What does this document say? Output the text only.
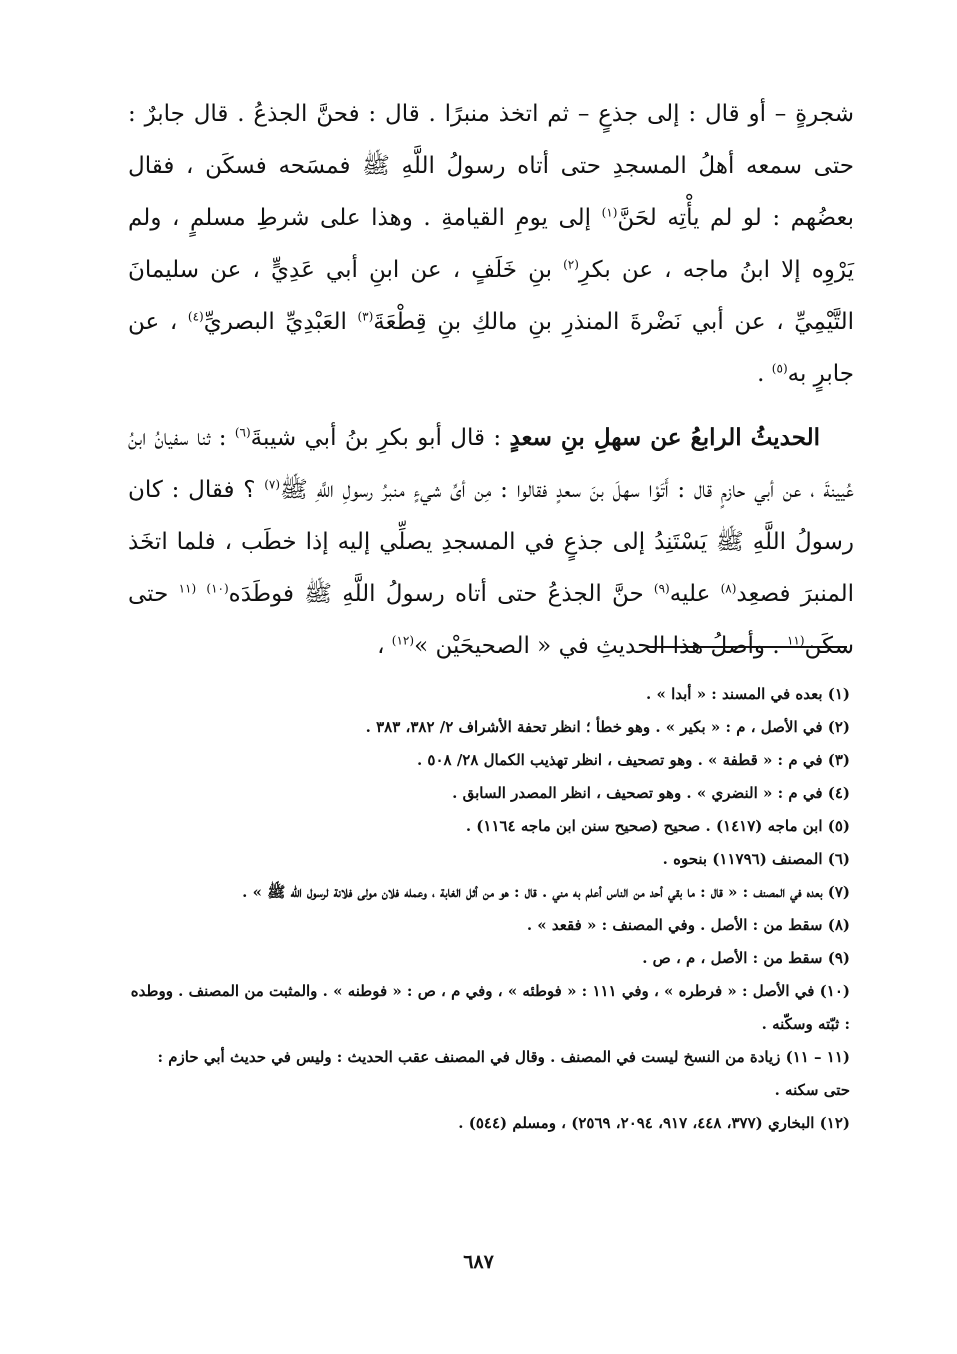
شجرةٍ – أو قال : إلى جذعٍ – ثم اتخذ منبرًا . قال : فحنَّ الجذعُ . قال جابرٌ : حتى سمعه أهلُ المسجدِ حتى أتاه رسولُ اللَّهِ ﷺ فمسَحه فسكَن ، فقال بعضُهم : لو لم يأْتِه لحَنَّ$^{(١)}$ إلى يومِ القيامةِ . وهذا على شرطِ مسلمٍ ، ولم يَرْوِه إلا ابنُ ماجه ، عن بكرِ$^{(٢)}$ بنِ خَلَفٍ ، عن ابنِ أبي عَدِيٍّ ، عن سليمانَ التَّيْمِيِّ ، عن أبي نَضْرةَ المنذرِ بنِ مالكِ بنِ قِطْعَةَ$^{(٣)}$ العَبْدِيِّ البصريِّ$^{(٤)}$ ، عن جابرٍ به$^{(٥)}$ .

الحديثُ الرابعُ عن سهلِ بنِ سعدٍ : قال أبو بكرِ بنُ أبي شيبةَ$^{(٦)}$ : ثنا سفيانُ ابنُ عُيينةَ ، عن أبي حازمٍ قال : أَتَوْا سهلَ بنَ سعدٍ فقالوا : مِن أىِّ شيءٍ منبرُ رسولِ اللَّهِ ﷺ$^{(٧)}$ ؟ فقال : كان رسولُ اللَّهِ ﷺ يَسْتَنِدُ إلى جذعٍ في المسجدِ يصلِّي إليه إذا خطَب ، فلما اتخَذ المنبرَ فصعِد$^{(٨)}$ عليه$^{(٩)}$ حنَّ الجذعُ حتى أتاه رسولُ اللَّهِ ﷺ فوطَدَه$^{(١٠)}$ $^{(١١}$ حتى سكَن$^{(١١}$ . وأصلُ هذا الحديثِ في « الصحيحَيْن »$^{(١٢)}$ ،

(١) بعده في المسند : « أبدا » .

(٢) في الأصل ، م : « بكير » . وهو خطأ ؛ انظر تحفة الأشراف ٢/ ٣٨٢، ٣٨٣ .

(٣) في م : « قطفة » . وهو تصحيف ، انظر تهذيب الكمال ٢٨/ ٥٠٨ .

(٤) في م : « النضري » . وهو تصحيف ، انظر المصدر السابق .

(٥) ابن ماجه (١٤١٧) . صحيح (صحيح سنن ابن ماجه ١١٦٤) .

(٦) المصنف (١١٧٩٦) بنحوه .

(٧) بعده في المصنف : « قال : ما بقي أحد من الناس أعلم به مني . قال : هو من أثل الغابة ، وعمله فلان مولى فلانة لرسول الله ﷺ » .

(٨) سقط من : الأصل . وفي المصنف : « فقعد » .

(٩) سقط من : الأصل ، م ، ص .

(١٠) في الأصل : « فرطره » ، وفي ١١١ : « فوطئه » ، وفي م ، ص : « فوطنه » . والمثبت من المصنف . ووطده : ثبّته وسكّنه .

(١١ – ١١) زيادة من النسخ ليست في المصنف . وقال في المصنف عقب الحديث : وليس في حديث أبي حازم : حتى سكنه .

(١٢) البخاري (٣٧٧، ٤٤٨، ٩١٧، ٢٠٩٤، ٢٥٦٩) ، ومسلم (٥٤٤) .

٦٨٧
